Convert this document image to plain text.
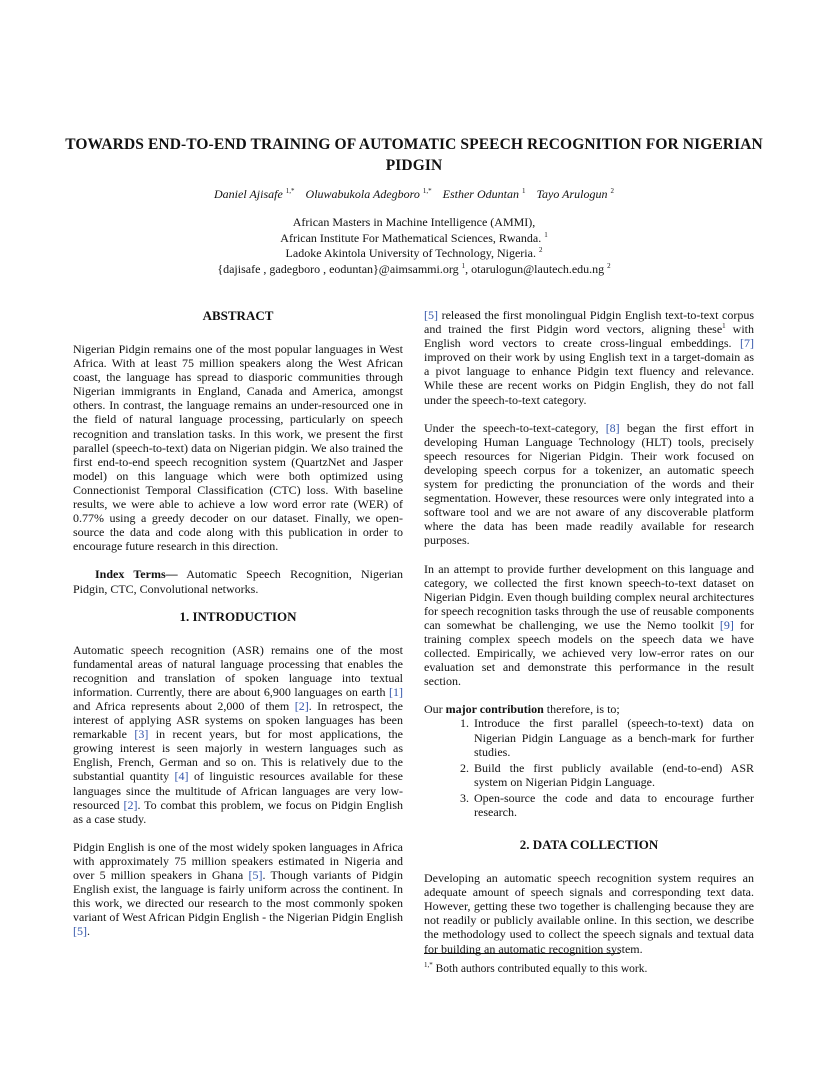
TOWARDS END-TO-END TRAINING OF AUTOMATIC SPEECH RECOGNITION FOR NIGERIAN PIDGIN
Daniel Ajisafe $^{1,*}$ Oluwabukola Adegboro $^{1,*}$ Esther Oduntan $^1$ Tayo Arulogun $^2$
African Masters in Machine Intelligence (AMMI),
African Institute For Mathematical Sciences, Rwanda. $^1$
Ladoke Akintola University of Technology, Nigeria. $^2$
{dajisafe , gadegboro , eoduntan}@aimsammi.org $^1$, otarulogun@lautech.edu.ng $^2$
ABSTRACT

Nigerian Pidgin remains one of the most popular languages in West Africa. With at least 75 million speakers along the West African coast, the language has spread to diasporic communities through Nigerian immigrants in England, Canada and America, amongst others. In contrast, the language remains an under-resourced one in the field of natural language processing, particularly on speech recognition and translation tasks. In this work, we present the first parallel (speech-to-text) data on Nigerian pidgin. We also trained the first end-to-end speech recognition system (QuartzNet and Jasper model) on this language which were both optimized using Connectionist Temporal Classification (CTC) loss. With baseline results, we were able to achieve a low word error rate (WER) of 0.77% using a greedy decoder on our dataset. Finally, we open-source the data and code along with this publication in order to encourage future research in this direction.

Index Terms— Automatic Speech Recognition, Nigerian Pidgin, CTC, Convolutional networks.

1. INTRODUCTION

Automatic speech recognition (ASR) remains one of the most fundamental areas of natural language processing that enables the recognition and translation of spoken language into textual information. Currently, there are about 6,900 languages on earth [1] and Africa represents about 2,000 of them [2]. In retrospect, the interest of applying ASR systems on spoken languages has been remarkable [3] in recent years, but for most applications, the growing interest is seen majorly in western languages such as English, French, German and so on. This is relatively due to the substantial quantity [4] of linguistic resources available for these languages since the multitude of African languages are very low-resourced [2]. To combat this problem, we focus on Pidgin English as a case study.

Pidgin English is one of the most widely spoken languages in Africa with approximately 75 million speakers estimated in Nigeria and over 5 million speakers in Ghana [5]. Though variants of Pidgin English exist, the language is fairly uniform across the continent. In this work, we directed our research to the most commonly spoken variant of West African Pidgin English - the Nigerian Pidgin English [5].

[5] released the first monolingual Pidgin English text-to-text corpus and trained the first Pidgin word vectors, aligning these$^1$ with English word vectors to create cross-lingual embeddings. [7] improved on their work by using English text in a target-domain as a pivot language to enhance Pidgin text fluency and relevance. While these are recent works on Pidgin English, they do not fall under the speech-to-text category.

Under the speech-to-text-category, [8] began the first effort in developing Human Language Technology (HLT) tools, precisely speech resources for Nigerian Pidgin. Their work focused on developing speech corpus for a tokenizer, an automatic speech system for predicting the pronunciation of the words and their segmentation. However, these resources were only integrated into a software tool and we are not aware of any discoverable platform where the data has been made readily available for research purposes.

In an attempt to provide further development on this language and category, we collected the first known speech-to-text dataset on Nigerian Pidgin. Even though building complex neural architectures for speech recognition tasks through the use of reusable components can somewhat be challenging, we use the Nemo toolkit [9] for training complex speech models on the speech data we have collected. Empirically, we achieved very low-error rates on our evaluation set and demonstrate this performance in the result section.

Our major contribution therefore, is to;
1. Introduce the first parallel (speech-to-text) data on Nigerian Pidgin Language as a bench-mark for further studies.
2. Build the first publicly available (end-to-end) ASR system on Nigerian Pidgin Language.
3. Open-source the code and data to encourage further research.
2. DATA COLLECTION

Developing an automatic speech recognition system requires an adequate amount of speech signals and corresponding text data. However, getting these two together is challenging because they are not readily or publicly available online. In this section, we describe the methodology used to collect the speech signals and textual data for building an automatic recognition system.

$^{1,*}$ Both authors contributed equally to this work.
